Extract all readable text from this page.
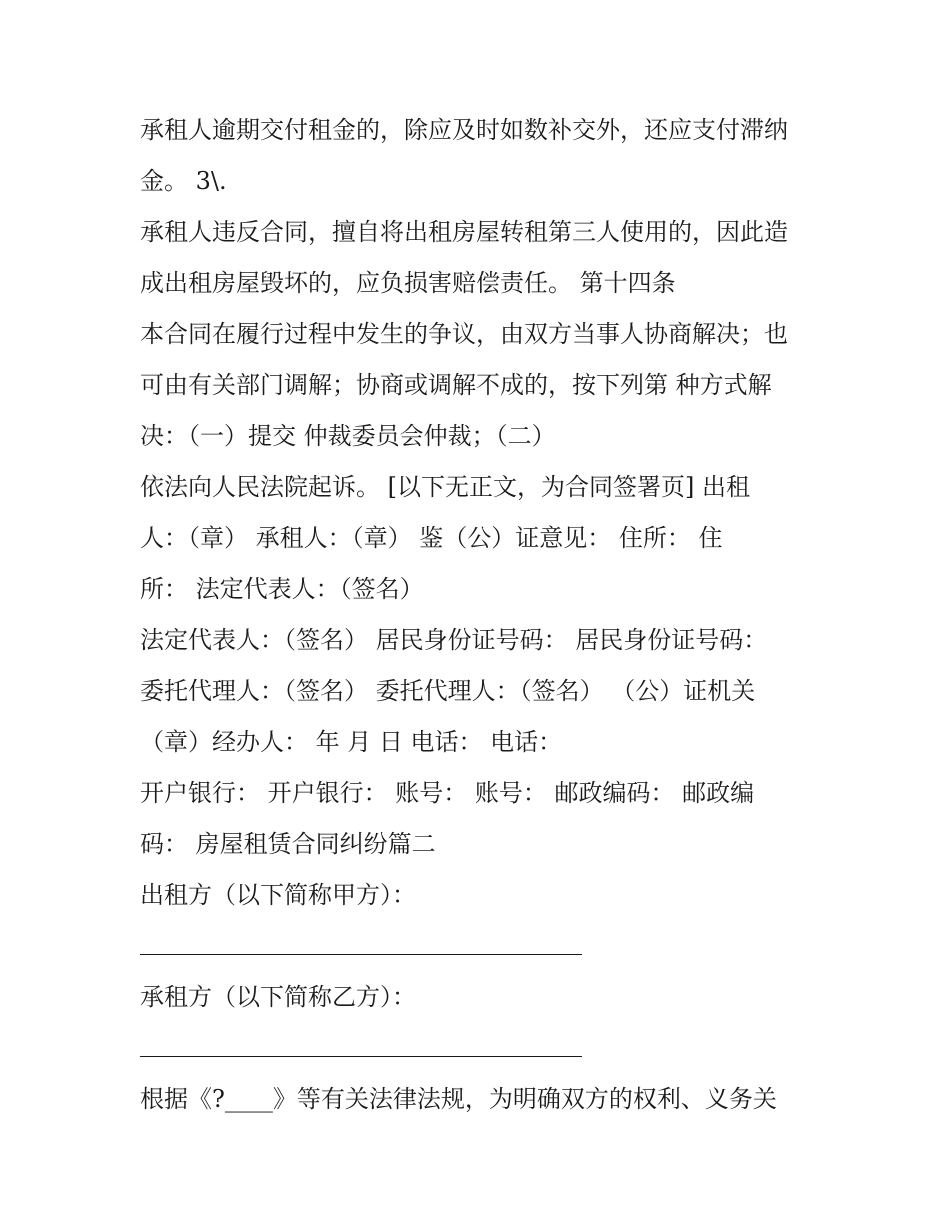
承租人逾期交付租金的，除应及时如数补交外，还应支付滞纳
金。 3\.
承租人违反合同，擅自将出租房屋转租第三人使用的，因此造
成出租房屋毁坏的，应负损害赔偿责任。 第十四条
本合同在履行过程中发生的争议，由双方当事人协商解决；也
可由有关部门调解；协商或调解不成的，按下列第 种方式解
决：（一）提交 仲裁委员会仲裁；（二）
依法向人民法院起诉。 [以下无正文，为合同签署页] 出租
人：（章） 承租人：（章） 鉴（公）证意见： 住所： 住
所： 法定代表人：（签名）
法定代表人：（签名） 居民身份证号码： 居民身份证号码：
委托代理人：（签名） 委托代理人：（签名） （公）证机关
（章）经办人： 年 月 日 电话： 电话：
开户银行： 开户银行： 账号： 账号： 邮政编码： 邮政编
码： 房屋租赁合同纠纷篇二
出租方（以下简称甲方）：
承租方（以下简称乙方）：
根据《?____》等有关法律法规，为明确双方的权利、义务关
